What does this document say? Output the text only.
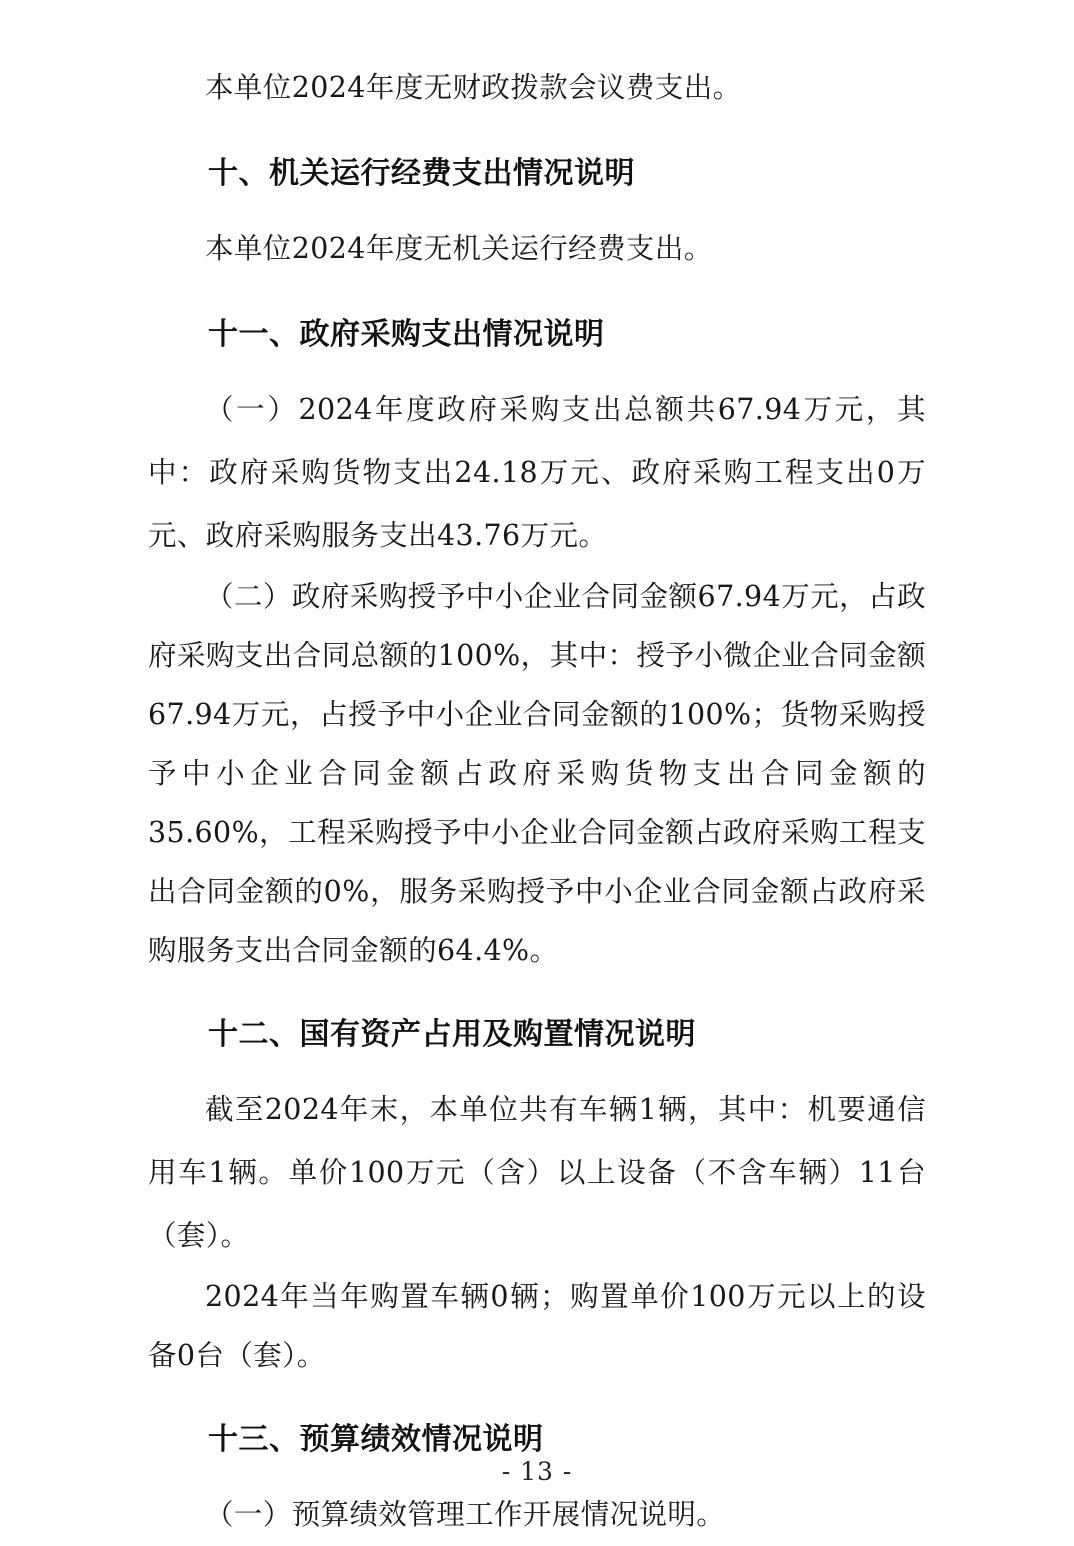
本单位2024年度无财政拨款会议费支出。

十、机关运行经费支出情况说明

本单位2024年度无机关运行经费支出。

十一、政府采购支出情况说明

（一）2024年度政府采购支出总额共67.94万元，其中：政府采购货物支出24.18万元、政府采购工程支出0万元、政府采购服务支出43.76万元。

（二）政府采购授予中小企业合同金额67.94万元，占政府采购支出合同总额的100%，其中：授予小微企业合同金额67.94万元，占授予中小企业合同金额的100%；货物采购授予中小企业合同金额占政府采购货物支出合同金额的35.60%，工程采购授予中小企业合同金额占政府采购工程支出合同金额的0%，服务采购授予中小企业合同金额占政府采购服务支出合同金额的64.4%。

十二、国有资产占用及购置情况说明

截至2024年末，本单位共有车辆1辆，其中：机要通信用车1辆。单价100万元（含）以上设备（不含车辆）11台（套）。

2024年当年购置车辆0辆；购置单价100万元以上的设备0台（套）。

十三、预算绩效情况说明

（一）预算绩效管理工作开展情况说明。

- 13 -
